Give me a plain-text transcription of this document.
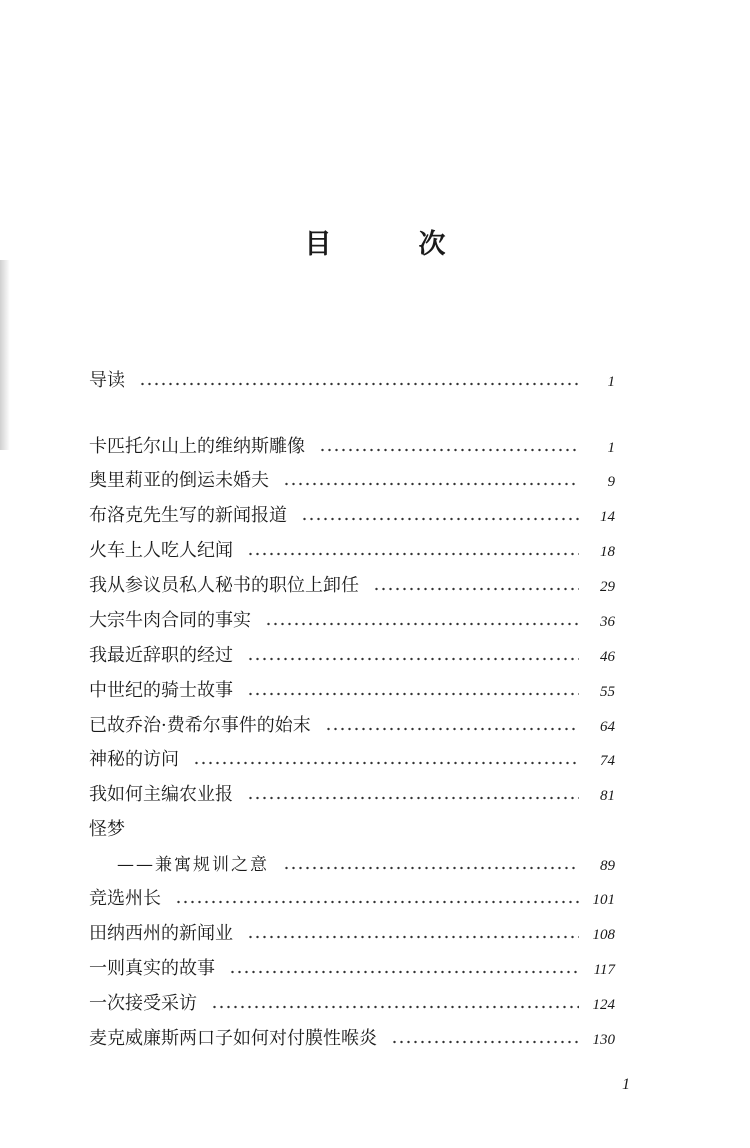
目　次
导读	1
卡匹托尔山上的维纳斯雕像	1
奥里莉亚的倒运未婚夫	9
布洛克先生写的新闻报道	14
火车上人吃人纪闻	18
我从参议员私人秘书的职位上卸任	29
大宗牛肉合同的事实	36
我最近辞职的经过	46
中世纪的骑士故事	55
已故乔治·费希尔事件的始末	64
神秘的访问	74
我如何主编农业报	81
怪梦
——兼寓规训之意	89
竞选州长	101
田纳西州的新闻业	108
一则真实的故事	117
一次接受采访	124
麦克威廉斯两口子如何对付膜性喉炎	130
1
